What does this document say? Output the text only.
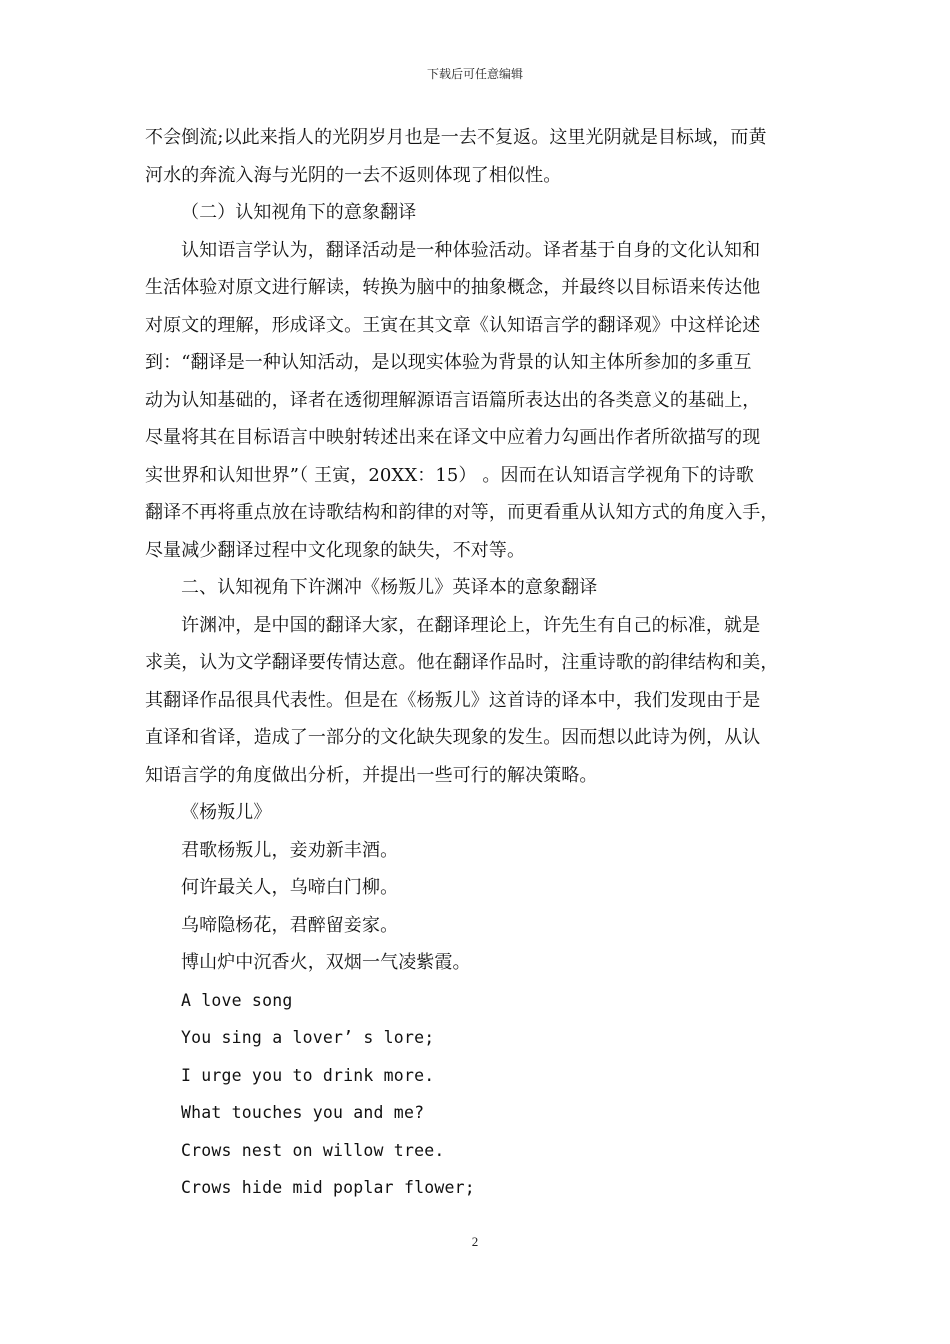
下载后可任意编辑

不会倒流;以此来指人的光阴岁月也是一去不复返。这里光阴就是目标域，而黄

河水的奔流入海与光阴的一去不返则体现了相似性。

（二）认知视角下的意象翻译

认知语言学认为，翻译活动是一种体验活动。译者基于自身的文化认知和

生活体验对原文进行解读，转换为脑中的抽象概念，并最终以目标语来传达他

对原文的理解，形成译文。王寅在其文章《认知语言学的翻译观》中这样论述

到：“翻译是一种认知活动，是以现实体验为背景的认知主体所参加的多重互

动为认知基础的，译者在透彻理解源语言语篇所表达出的各类意义的基础上，

尽量将其在目标语言中映射转述出来在译文中应着力勾画出作者所欲描写的现

实世界和认知世界”（ 王寅，20XX：15） 。因而在认知语言学视角下的诗歌

翻译不再将重点放在诗歌结构和韵律的对等，而更看重从认知方式的角度入手，

尽量减少翻译过程中文化现象的缺失，不对等。

二、认知视角下许渊冲《杨叛儿》英译本的意象翻译

许渊冲，是中国的翻译大家，在翻译理论上，许先生有自己的标准，就是

求美，认为文学翻译要传情达意。他在翻译作品时，注重诗歌的韵律结构和美，

其翻译作品很具代表性。但是在《杨叛儿》这首诗的译本中，我们发现由于是

直译和省译，造成了一部分的文化缺失现象的发生。因而想以此诗为例，从认

知语言学的角度做出分析，并提出一些可行的解决策略。

《杨叛儿》

君歌杨叛儿，妾劝新丰酒。

何许最关人，乌啼白门柳。

乌啼隐杨花，君醉留妾家。

博山炉中沉香火，双烟一气凌紫霞。

A love song

You sing a lover’ s lore;

I urge you to drink more.

What touches you and me?

Crows nest on willow tree.

Crows hide mid poplar flower;

2
